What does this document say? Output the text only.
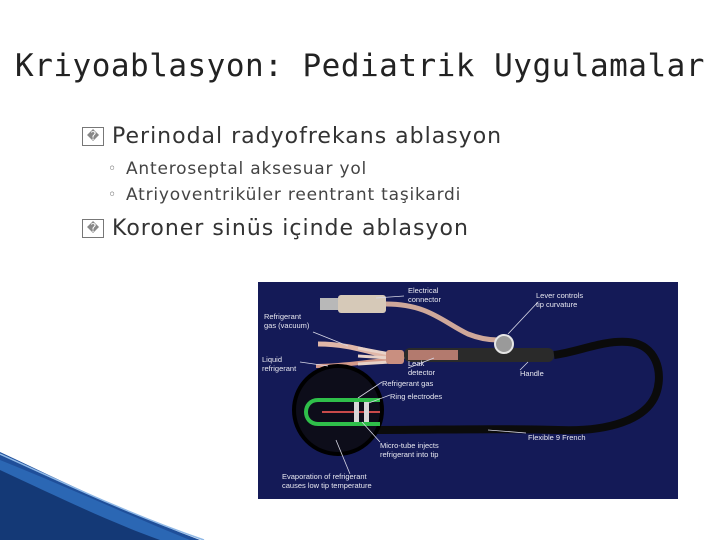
Kriyoablasyon: Pediatrik Uygulamalar
� Perinodal radyofrekans ablasyon
◦ Anteroseptal aksesuar yol
◦ Atriyoventriküler reentrant taşikardi
� Koroner sinüs içinde ablasyon
Electrical
connector	Lever controls
tip curvature
Refrigerant
gas (vacuum)
Liquid
refrigerant
Leak
detector	Handle
Refrigerant gas
Ring electrodes
Flexible 9 French
Micro-tube injects
refrigerant into tip
Evaporation of refrigerant
causes low tip temperature
